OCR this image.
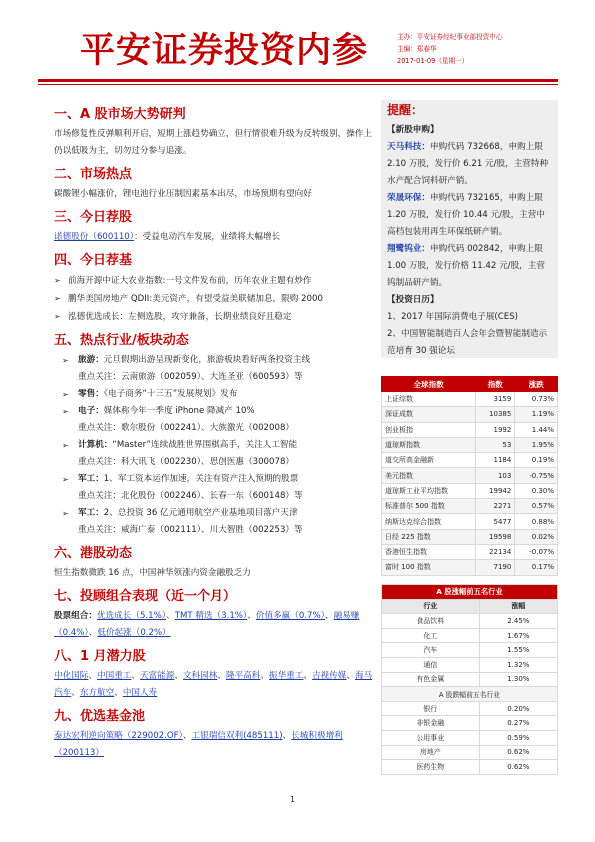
平安证券投资内参	主办：平安证券经纪事业部投资中心
主编：郑春华
2017-01-09（星期一）
一、A 股市场大势研判
市场修复性反弹顺利开启，短期上涨趋势确立，但行情很难升级为反转级别，操作上仍以低吸为主，切勿过分参与追涨。
二、市场热点
碳酸锂小幅涨价，锂电池行业压制因素基本出尽，市场预期有望向好
三、今日荐股
诺德股份（600110）：受益电动汽车发展，业绩将大幅增长
四、今日荐基
➢ 前海开源中证大农业指数:一号文件发布前，历年农业主题有炒作
➢ 鹏华美国房地产 QDII:美元资产，有望受益美联储加息，限购 2000
➢ 泓德优选成长：左侧选股，攻守兼备，长期业绩良好且稳定
五、热点行业/板块动态
➢ 旅游：元旦假期出游呈现新变化，旅游板块看好两条投资主线
重点关注：云南旅游（002059）、大连圣亚（600593）等
➢ 零售：《电子商务“十三五”发展规划》发布
➢ 电子：媒体称今年一季度 iPhone 降减产 10%
重点关注：歌尔股份（002241）、大族激光（002008）
➢ 计算机：“Master”连续战胜世界围棋高手，关注人工智能
重点关注：科大讯飞（002230）、思创医惠（300078）
➢ 军工：1、军工资本运作加速，关注有资产注入预期的股票
重点关注：北化股份（002246）、长春一东（600148）等
➢ 军工：2、总投资 36 亿元通用航空产业基地项目落户天津
重点关注：威海广泰（002111）、川大智胜（002253）等
六、港股动态
恒生指数微跌 16 点，中国神华领涨内资金融股乏力
七、投顾组合表现（近一个月）
股票组合：优选成长（5.1%）、TMT 精选（3.1%）、价值多赢（0.7%）、融易赚（0.4%）、低价起涨（0.2%）
八、1 月潜力股
中化国际、中国重工、天富能源、文科园林、隆平高科、振华重工、吉视传媒、海马汽车、东方航空、中国人寿
九、优选基金池
泰达宏利逆向策略（229002.OF）、工银瑞信双利(485111)、长城积极增利（200113）
提醒：
【新股申购】
天马科技：申购代码 732668，申购上限 2.10 万股，发行价 6.21 元/股，主营特种水产配合饲料研产销。
荣晟环保：申购代码 732165，申购上限 1.20 万股，发行价 10.44 元/股，主营中高档包装用再生环保纸研产销。
翔鹭钨业：申购代码 002842，申购上限 1.00 万股，发行价格 11.42 元/股，主营钨制品研产销。
【投资日历】
1、2017 年国际消费电子展(CES)
2、中国智能制造百人会年会暨智能制造示范培育 30 强论坛
全球指数	指数	涨跌
上证综数	3159	0.73%
深证成数	10385	1.19%
创业板指	1992	1.44%
道琼斯指数	53	1.95%
道交所高金融新	1184	0.19%
美元指数	103	-0.75%
道琼斯工业平均指数	19942	0.30%
标准普尔 500 指数	2271	0.57%
纳斯达克综合指数	5477	0.88%
日经 225 指数	19598	0.02%
香港恒生指数	22134	-0.07%
富时 100 指数	7190	0.17%
A 股涨幅前五名行业	
行业	涨幅
食品饮料	2.45%
化工	1.67%
汽车	1.55%
通信	1.32%
有色金属	1.30%
A 股跌幅前五名行业	
银行	0.20%
非银金融	0.27%
公用事业	0.59%
房地产	0.62%
医药生物	0.62%
1
